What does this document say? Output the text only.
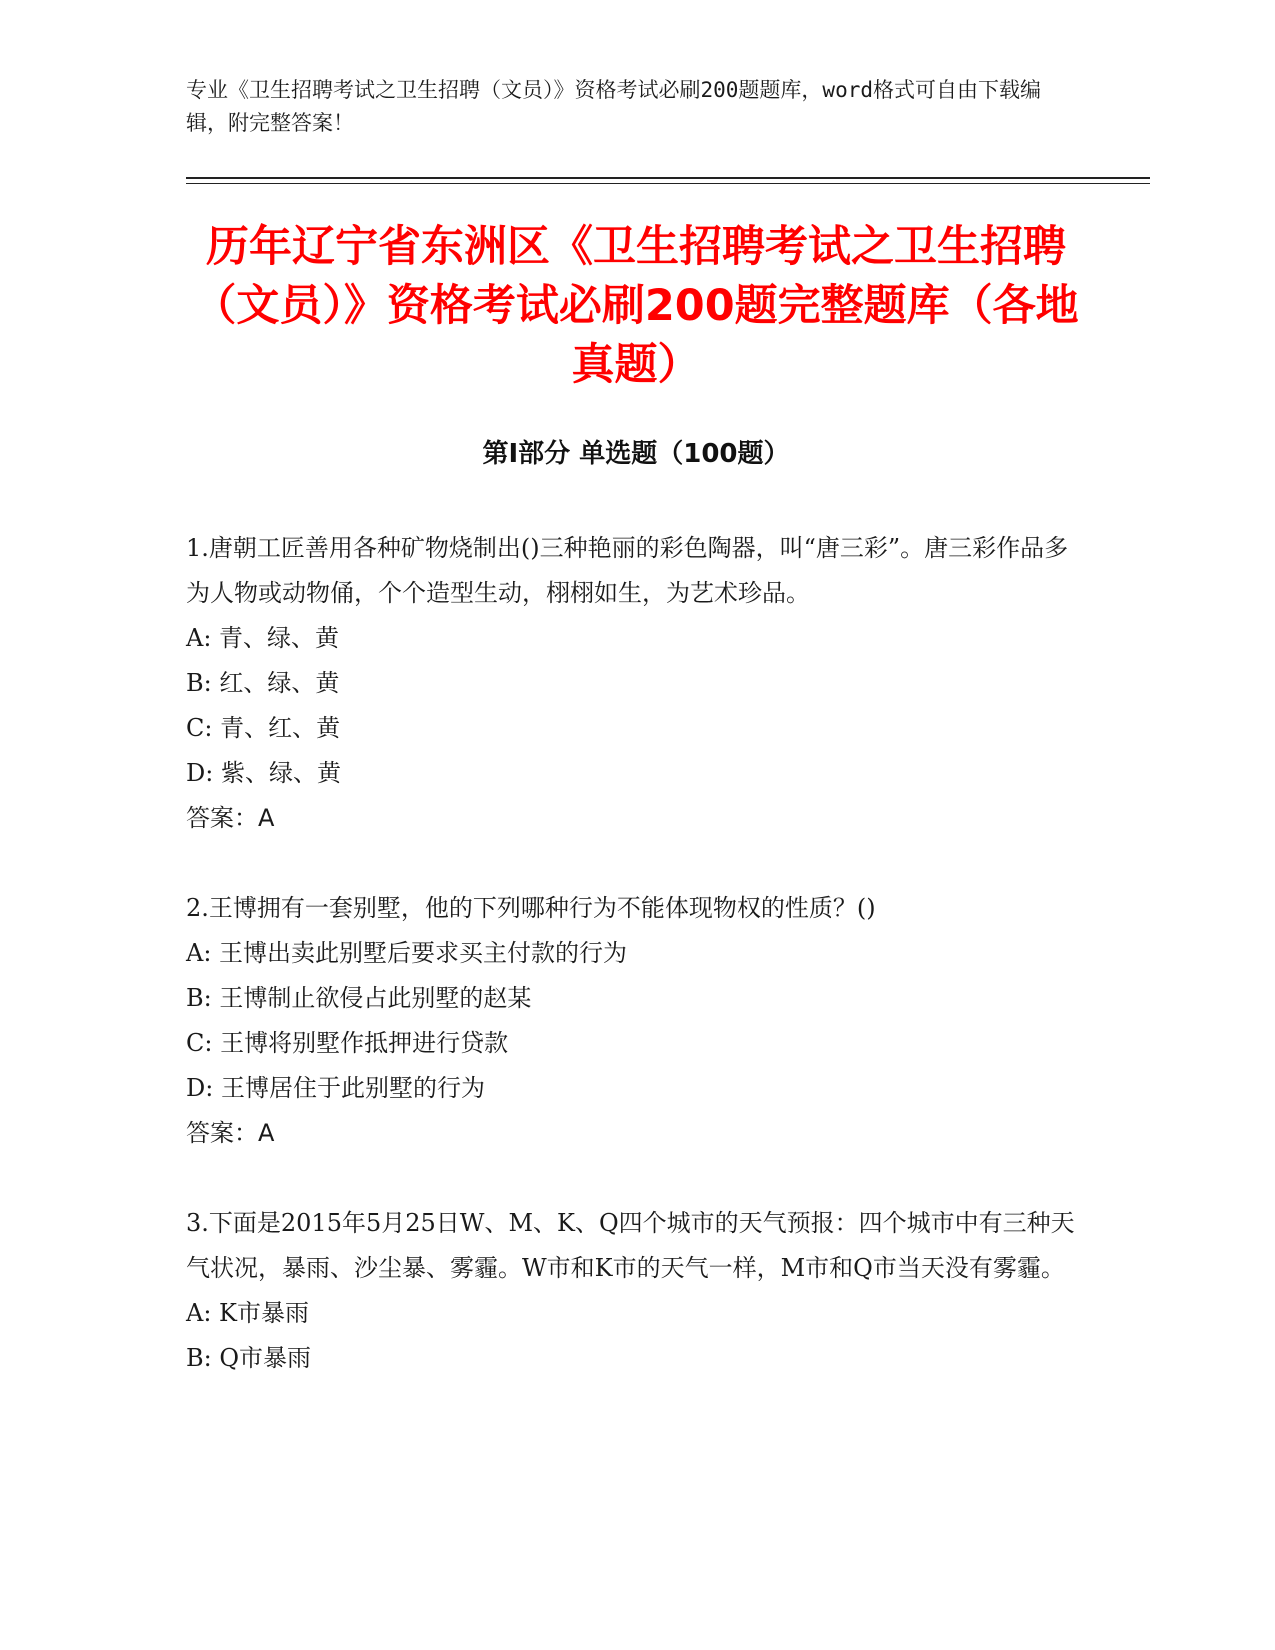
专业《卫生招聘考试之卫生招聘（文员）》资格考试必刷200题题库，word格式可自由下载编辑，附完整答案！
历年辽宁省东洲区《卫生招聘考试之卫生招聘（文员）》资格考试必刷200题完整题库（各地真题）
第Ⅰ部分 单选题（100题）

1.唐朝工匠善用各种矿物烧制出()三种艳丽的彩色陶器，叫“唐三彩”。唐三彩作品多为人物或动物俑，个个造型生动，栩栩如生，为艺术珍品。

A: 青、绿、黄

B: 红、绿、黄

C: 青、红、黄

D: 紫、绿、黄

答案：A

2.王博拥有一套别墅，他的下列哪种行为不能体现物权的性质？()

A: 王博出卖此别墅后要求买主付款的行为

B: 王博制止欲侵占此别墅的赵某

C: 王博将别墅作抵押进行贷款

D: 王博居住于此别墅的行为

答案：A

3.下面是2015年5月25日W、M、K、Q四个城市的天气预报：四个城市中有三种天气状况，暴雨、沙尘暴、雾霾。W市和K市的天气一样，M市和Q市当天没有雾霾。

A: K市暴雨

B: Q市暴雨
